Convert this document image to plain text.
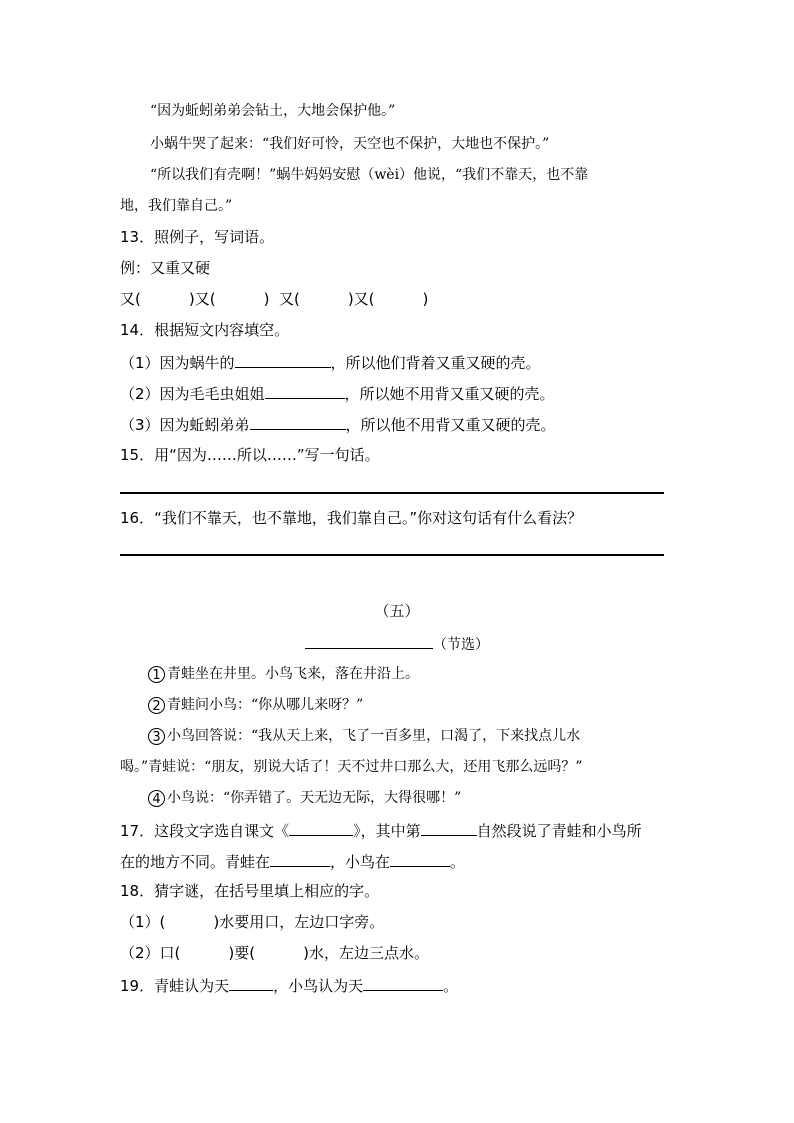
“因为蚯蚓弟弟会钻土，大地会保护他。”
小蜗牛哭了起来：“我们好可怜，天空也不保护，大地也不保护。”
“所以我们有壳啊！”蜗牛妈妈安慰（wèi）他说，“我们不靠天，也不靠
地，我们靠自己。”
13．照例子，写词语。
例：又重又硬
又(	)又(	)  又(	)又(	)
14．根据短文内容填空。
（1）因为蜗牛的	，所以他们背着又重又硬的壳。
（2）因为毛毛虫姐姐	，所以她不用背又重又硬的壳。
（3）因为蚯蚓弟弟	，所以他不用背又重又硬的壳。
15．用“因为……所以……”写一句话。
16．“我们不靠天，也不靠地，我们靠自己。”你对这句话有什么看法？
（五）
（节选）
1 青蛙坐在井里。小鸟飞来，落在井沿上。
2 青蛙问小鸟：“你从哪儿来呀？”
3 小鸟回答说：“我从天上来，飞了一百多里，口渴了，下来找点儿水
喝。”青蛙说：“朋友，别说大话了！天不过井口那么大，还用飞那么远吗？”
4 小鸟说：“你弄错了。天无边无际，大得很哪！”
17．这段文字选自课文《	》，其中第	自然段说了青蛙和小鸟所
在的地方不同。青蛙在	，小鸟在	。
18．猜字谜，在括号里填上相应的字。
（1）(	)水要用口，左边口字旁。
（2）口(	)要(	)水，左边三点水。
19．青蛙认为天	，小鸟认为天	。
